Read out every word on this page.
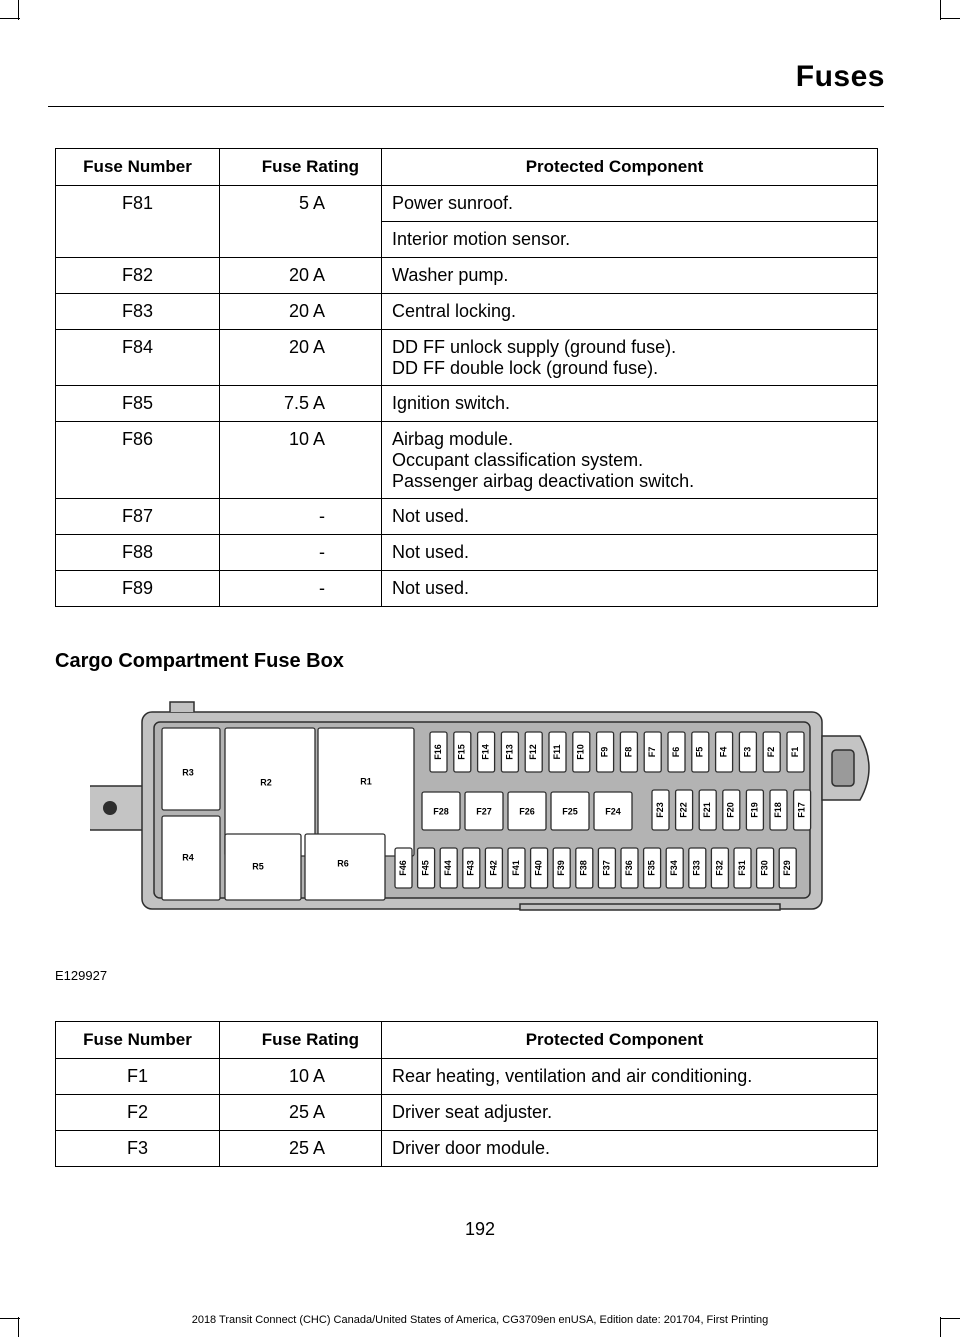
Fuses
Fuse Number	Fuse Rating	Protected Component
F81	5 A	Power sunroof.

		Interior motion sensor.
F82	20 A	Washer pump.

F83	20 A	Central locking.

F84	20 A	DD FF unlock supply (ground fuse).
DD FF double lock (ground fuse).

F85	7.5 A	Ignition switch.

F86	10 A	Airbag module.
Occupant classification system.
Passenger airbag deactivation switch.

F87	-	Not used.

F88	-	Not used.

F89	-	Not used.
Cargo Compartment Fuse Box
R1
R2
R3
R4
R5	R6
F16 F15 F14 F13 F12 F11 F10 F9 F8 F7 F6 F5 F4 F3 F2 F1
F28	F27	F26	F25	F24	F23 F22 F21 F20 F19 F18 F17
F46 F45 F44 F43 F42 F41 F40 F39 F38 F37 F36 F35 F34 F33 F32 F31 F30 F29
E129927
Fuse Number	Fuse Rating	Protected Component
F1	10 A	Rear heating, ventilation and air conditioning.
F2	25 A	Driver seat adjuster.
F3	25 A	Driver door module.
192
2018 Transit Connect (CHC) Canada/United States of America, CG3709en enUSA, Edition date: 201704, First Printing
